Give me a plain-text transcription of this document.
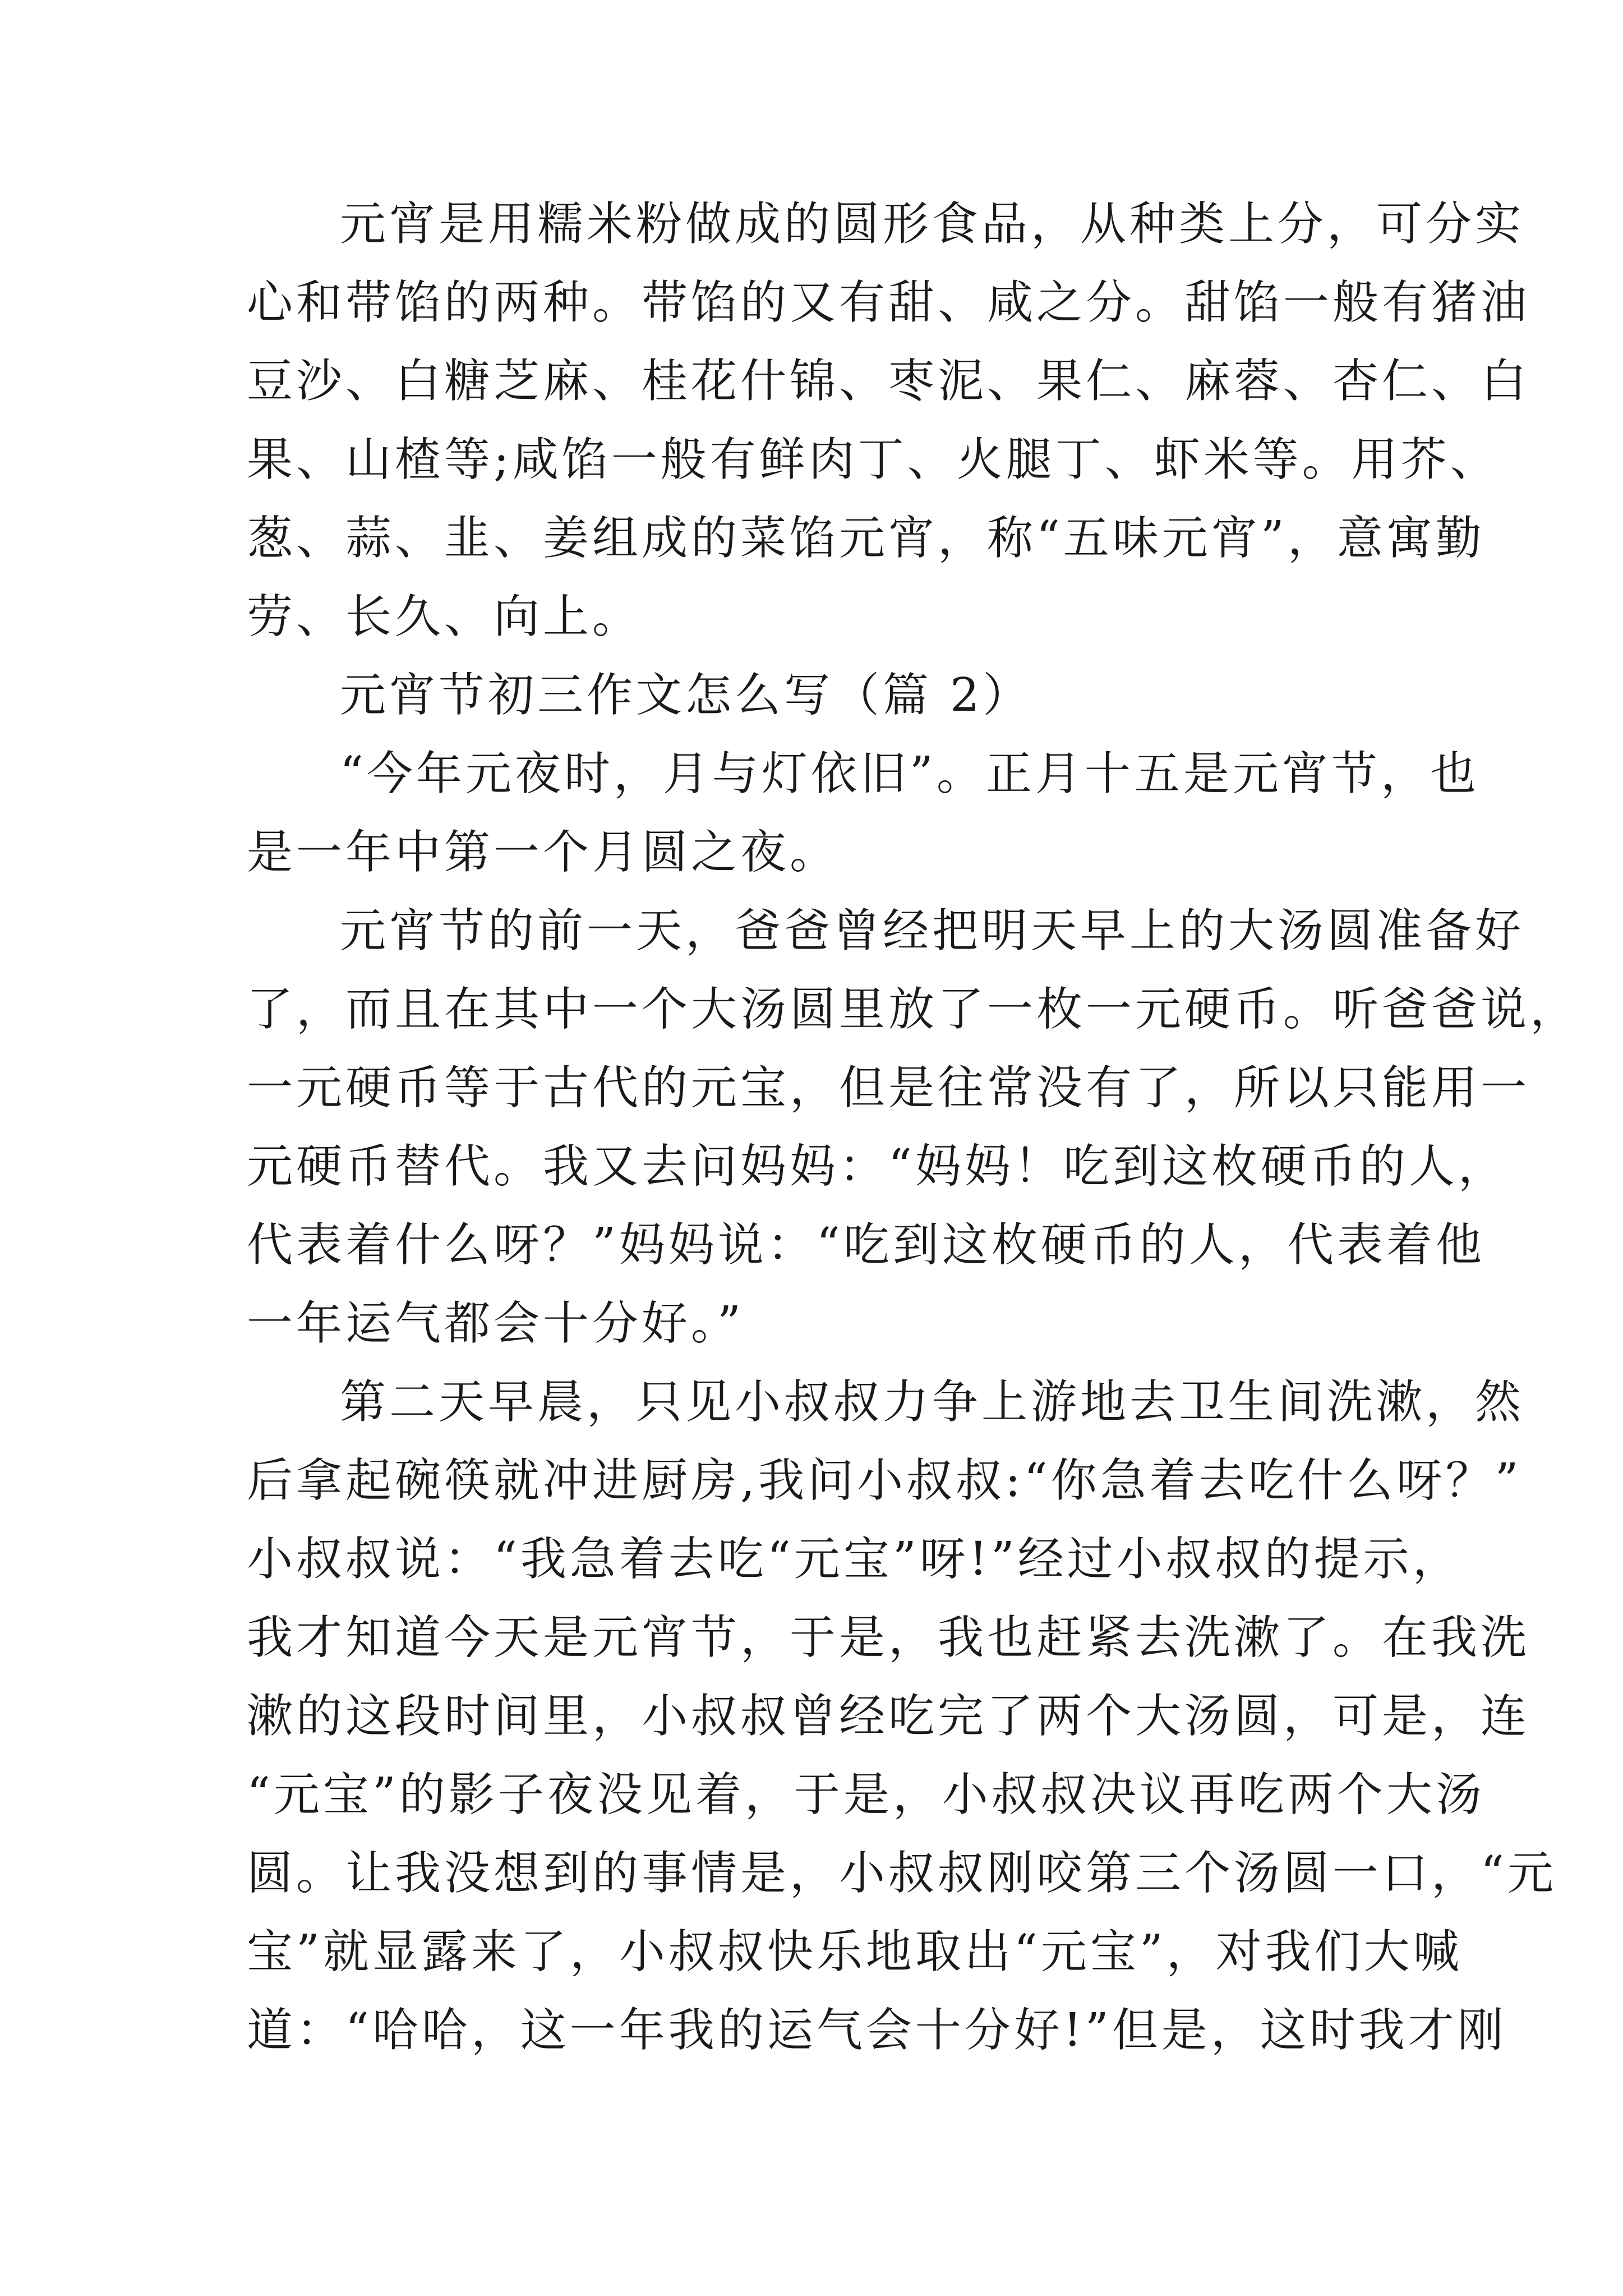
元宵是用糯米粉做成的圆形食品，从种类上分，可分实
心和带馅的两种。带馅的又有甜、咸之分。甜馅一般有猪油
豆沙、白糖芝麻、桂花什锦、枣泥、果仁、麻蓉、杏仁、白
果、山楂等;咸馅一般有鲜肉丁、火腿丁、虾米等。用芥、
葱、蒜、韭、姜组成的菜馅元宵，称“五味元宵”，意寓勤
劳、长久、向上。
元宵节初三作文怎么写（篇 2）
“今年元夜时，月与灯依旧”。正月十五是元宵节，也
是一年中第一个月圆之夜。
元宵节的前一天，爸爸曾经把明天早上的大汤圆准备好
了，而且在其中一个大汤圆里放了一枚一元硬币。听爸爸说，
一元硬币等于古代的元宝，但是往常没有了，所以只能用一
元硬币替代。我又去问妈妈：“妈妈！吃到这枚硬币的人，
代表着什么呀？”妈妈说：“吃到这枚硬币的人，代表着他
一年运气都会十分好。”
第二天早晨，只见小叔叔力争上游地去卫生间洗漱，然
后拿起碗筷就冲进厨房,我问小叔叔:“你急着去吃什么呀？”
小叔叔说：“我急着去吃“元宝”呀!”经过小叔叔的提示，
我才知道今天是元宵节，于是，我也赶紧去洗漱了。在我洗
漱的这段时间里，小叔叔曾经吃完了两个大汤圆，可是，连
“元宝”的影子夜没见着，于是，小叔叔决议再吃两个大汤
圆。让我没想到的事情是，小叔叔刚咬第三个汤圆一口，“元
宝”就显露来了，小叔叔快乐地取出“元宝”，对我们大喊
道：“哈哈，这一年我的运气会十分好!”但是，这时我才刚
